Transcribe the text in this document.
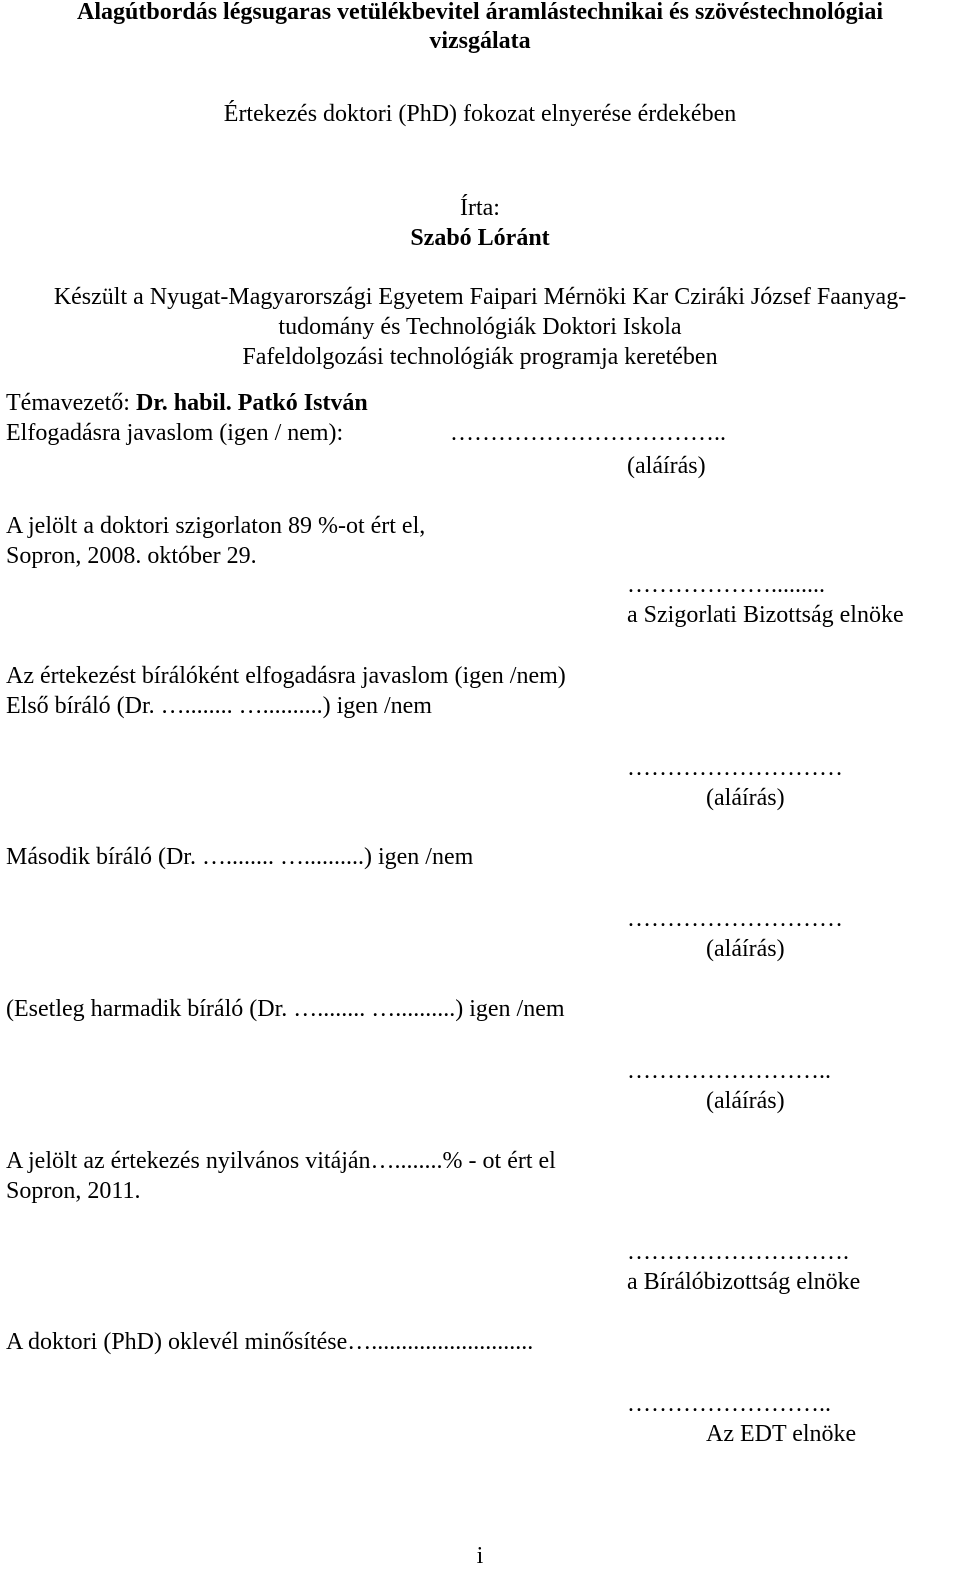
Alagútbordás légsugaras vetülékbevitel áramlástechnikai és szövéstechnológiai
vizsgálata
Értekezés doktori (PhD) fokozat elnyerése érdekében
Írta:
Szabó Lóránt
Készült a Nyugat-Magyarországi Egyetem Faipari Mérnöki Kar Cziráki József Faanyag-
tudomány és Technológiák Doktori Iskola
Fafeldolgozási technológiák programja keretében
Témavezető: Dr. habil. Patkó István
Elfogadásra javaslom (igen / nem):	……………………………..
(aláírás)
A jelölt a doktori szigorlaton 89 %-ot ért el,
Sopron, 2008. október 29.
……………….........
a Szigorlati Bizottság elnöke
Az értekezést bírálóként elfogadásra javaslom (igen /nem)
Első bíráló (Dr. …........ …..........) igen /nem
………………………
(aláírás)
Második bíráló (Dr. …........ …..........) igen /nem
………………………
(aláírás)
(Esetleg harmadik bíráló (Dr. …........ …..........) igen /nem
……………………..
(aláírás)
A jelölt az értekezés nyilvános vitáján…........% - ot ért el
Sopron, 2011.
……………………….
a Bírálóbizottság elnöke
A doktori (PhD) oklevél minősítése…...........................
……………………..
Az EDT elnöke
i
